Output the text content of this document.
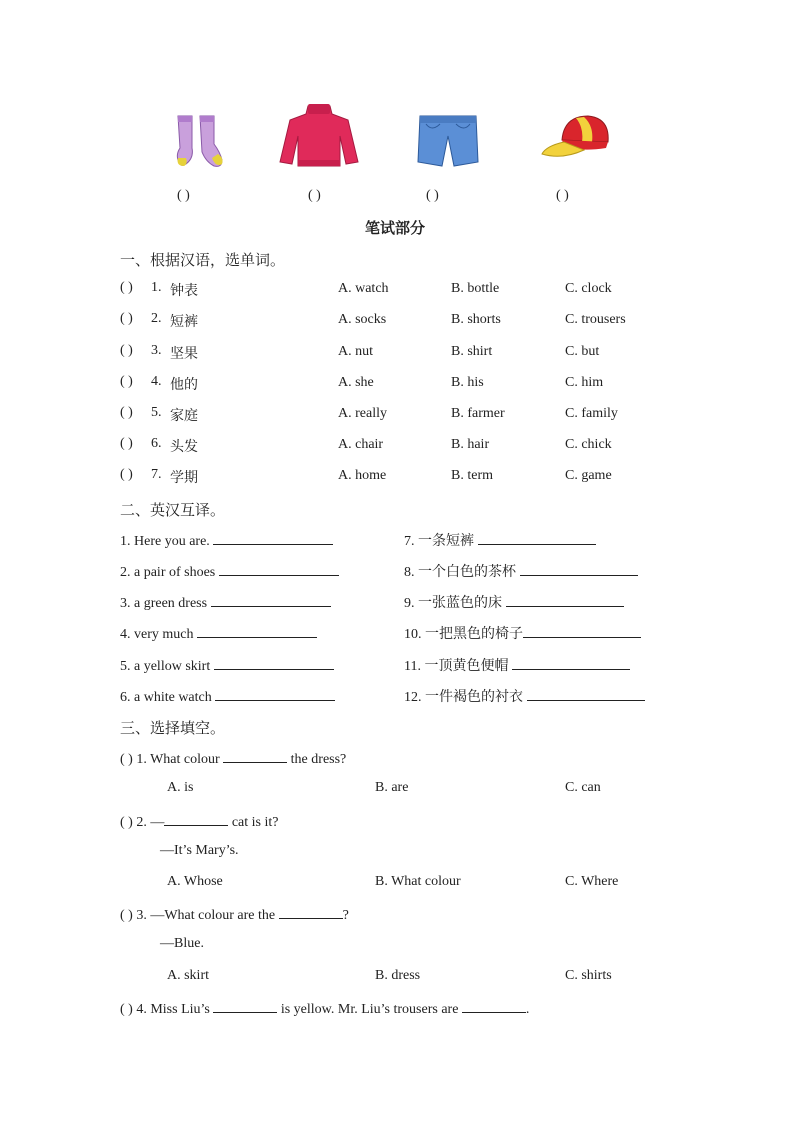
( )	( )	( )	( )
笔试部分
一、根据汉语，选单词。
( ) 1. 钟表	A. watch	B. bottle	C. clock
( ) 2. 短裤	A. socks	B. shorts	C. trousers
( ) 3. 坚果	A. nut	B. shirt	C. but
( ) 4. 他的	A. she	B. his	C. him
( ) 5. 家庭	A. really	B. farmer	C. family
( ) 6. 头发	A. chair	B. hair	C. chick
( ) 7. 学期	A. home	B. term	C. game
二、英汉互译。
1. Here you are.
2. a pair of shoes
3. a green dress
4. very much
5. a yellow skirt
6. a white watch
7. 一条短裤
8. 一个白色的茶杯
9. 一张蓝色的床
10. 一把黑色的椅子
11. 一顶黄色便帽
12. 一件褐色的衬衣
三、选择填空。
( ) 1. What colour	the dress?
A. is	B. are	C. can
( ) 2. —	cat is it?
—It’s Mary’s.
A. Whose	B. What colour	C. Where
( ) 3. —What colour are the	?
—Blue.
A. skirt	B. dress	C. shirts
( ) 4. Miss Liu’s	is yellow. Mr. Liu’s trousers are	.
